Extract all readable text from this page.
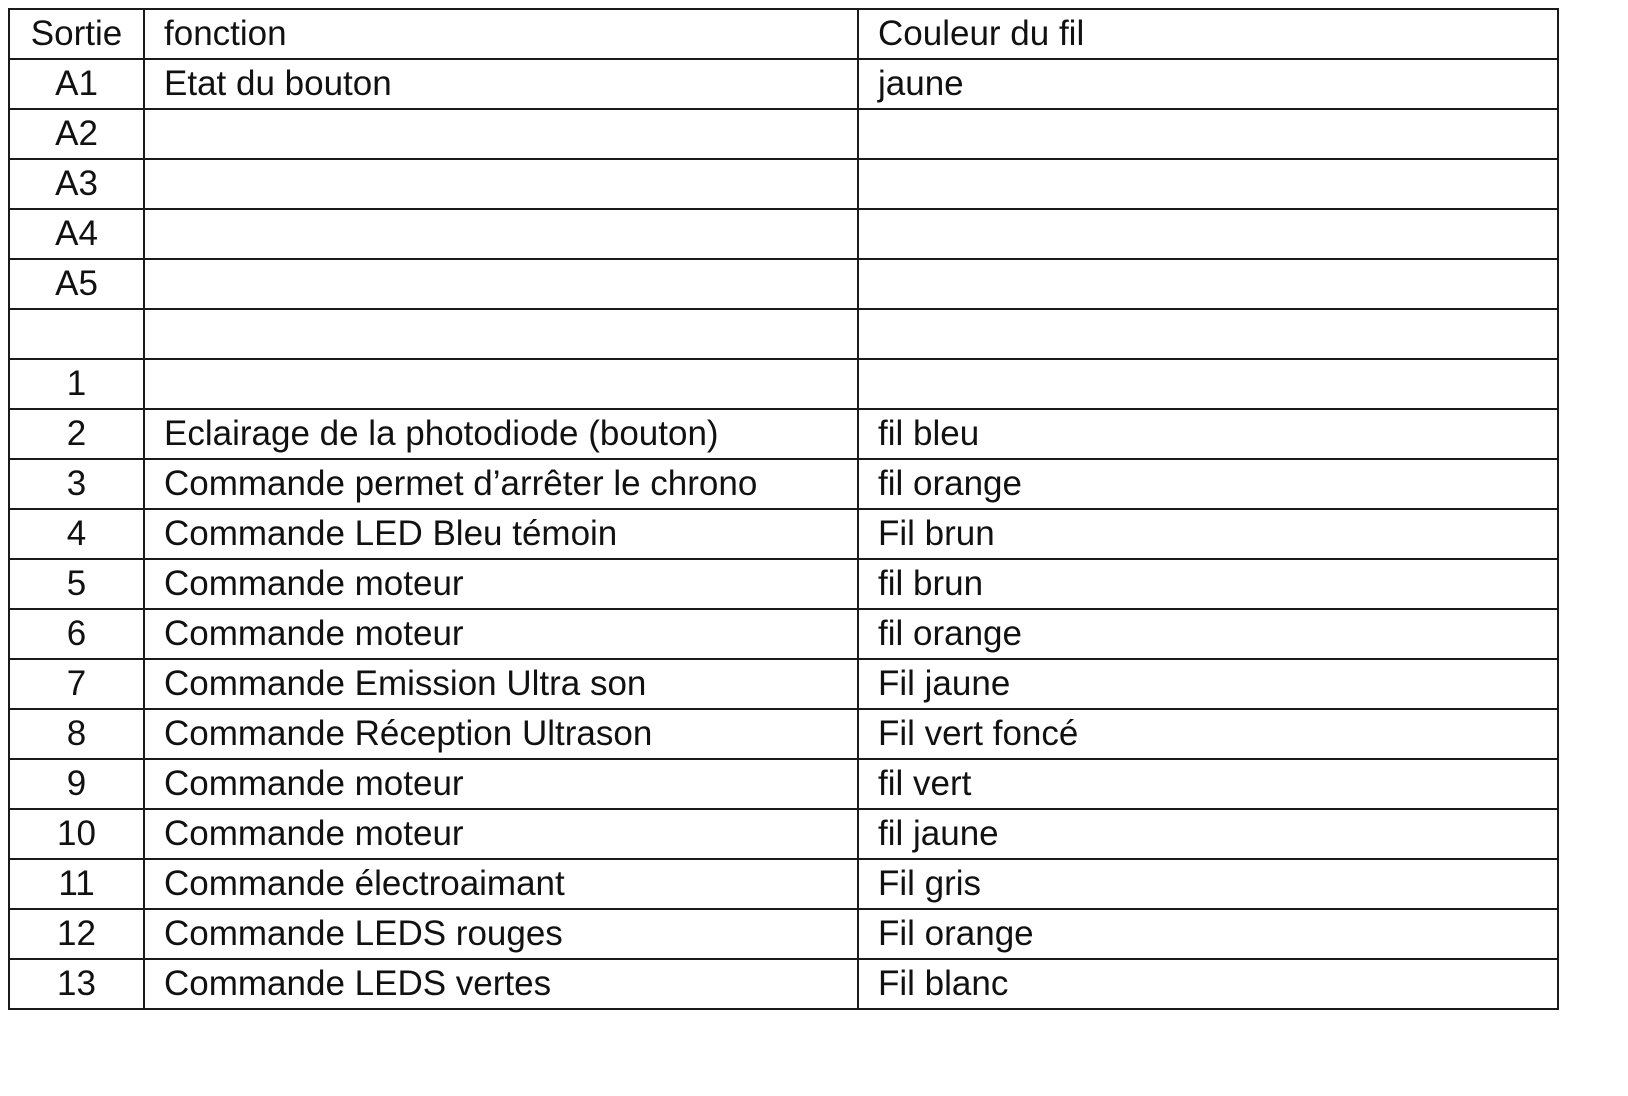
Sortie	fonction	Couleur du fil
A1	Etat du bouton	jaune
A2		
A3		
A4		
A5		

1		
2	Eclairage de la photodiode (bouton)	fil bleu
3	Commande permet d’arrêter le chrono	fil orange
4	Commande LED Bleu témoin	Fil brun
5	Commande moteur	fil brun
6	Commande moteur	fil orange
7	Commande Emission Ultra son	Fil jaune
8	Commande Réception Ultrason	Fil vert foncé
9	Commande moteur	fil vert
10	Commande moteur	fil jaune
11	Commande électroaimant	Fil gris
12	Commande LEDS rouges	Fil orange
13	Commande LEDS vertes	Fil blanc
